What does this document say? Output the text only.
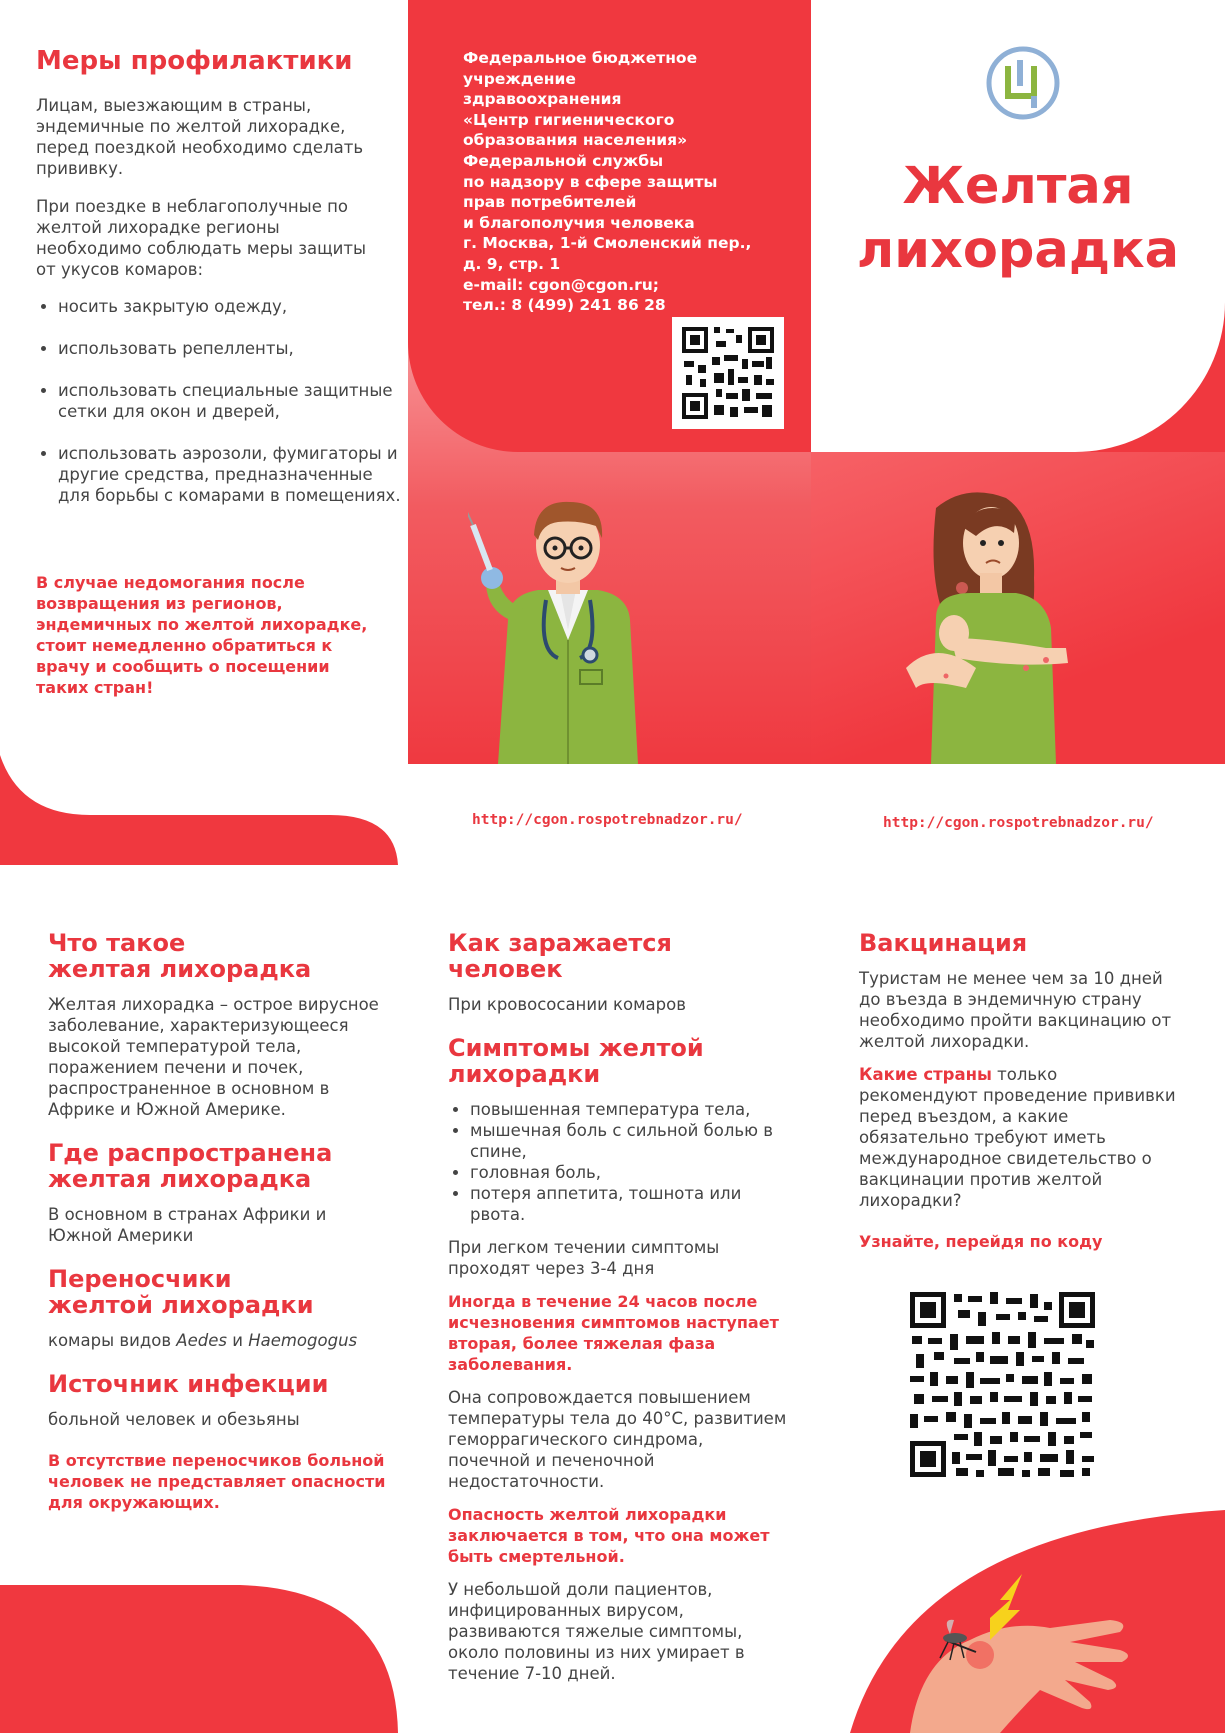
Меры профилактики

Лицам, выезжающим в страны, эндемичные по желтой лихорадке, перед поездкой необходимо сделать прививку.

При поездке в неблагополучные по желтой лихорадке регионы необходимо соблюдать меры защиты от укусов комаров:

• носить закрытую одежду,
• использовать репелленты,
• использовать специальные защитные сетки для окон и дверей,
• использовать аэрозоли, фумигаторы и другие средства, предназначенные для борьбы с комарами в помещениях.

В случае недомогания после возвращения из регионов, эндемичных по желтой лихорадке, стоит немедленно обратиться к врачу и сообщить о посещении таких стран!

Федеральное бюджетное
учреждение
здравоохранения
«Центр гигиенического
образования населения»
Федеральной службы
по надзору в сфере защиты
прав потребителей
и благополучия человека
г. Москва, 1-й Смоленский пер.,
д. 9, стр. 1
e-mail: cgon@cgon.ru;
тел.: 8 (499) 241 86 28
Желтая
лихорадка
http://cgon.rospotrebnadzor.ru/	http://cgon.rospotrebnadzor.ru/
Что такое
желтая лихорадка

Желтая лихорадка – острое вирусное заболевание, характеризующееся высокой температурой тела, поражением печени и почек, распространенное в основном в Африке и Южной Америке.

Где распространена
желтая лихорадка

В основном в странах Африки и Южной Америки

Переносчики
желтой лихорадки

комары видов Aedes и Haemogogus

Источник инфекции

больной человек и обезьяны

В отсутствие переносчиков больной человек не представляет опасности для окружающих.

Как заражается
человек

При кровососании комаров

Симптомы желтой
лихорадки
• повышенная температура тела,
• мышечная боль с сильной болью в спине,
• головная боль,
• потеря аппетита, тошнота или рвота.

При легком течении симптомы проходят через 3-4 дня

Иногда в течение 24 часов после исчезновения симптомов наступает вторая, более тяжелая фаза заболевания.

Она сопровождается повышением температуры тела до 40°С, развитием геморрагического синдрома, почечной и печеночной недостаточности.

Опасность желтой лихорадки заключается в том, что она может быть смертельной.

У небольшой доли пациентов, инфицированных вирусом, развиваются тяжелые симптомы, около половины из них умирает в течение 7-10 дней.

Вакцинация

Туристам не менее чем за 10 дней до въезда в эндемичную страну необходимо пройти вакцинацию от желтой лихорадки.

Какие страны только рекомендуют проведение прививки перед въездом, а какие обязательно требуют иметь международное свидетельство о вакцинации против желтой лихорадки?

Узнайте, перейдя по коду
